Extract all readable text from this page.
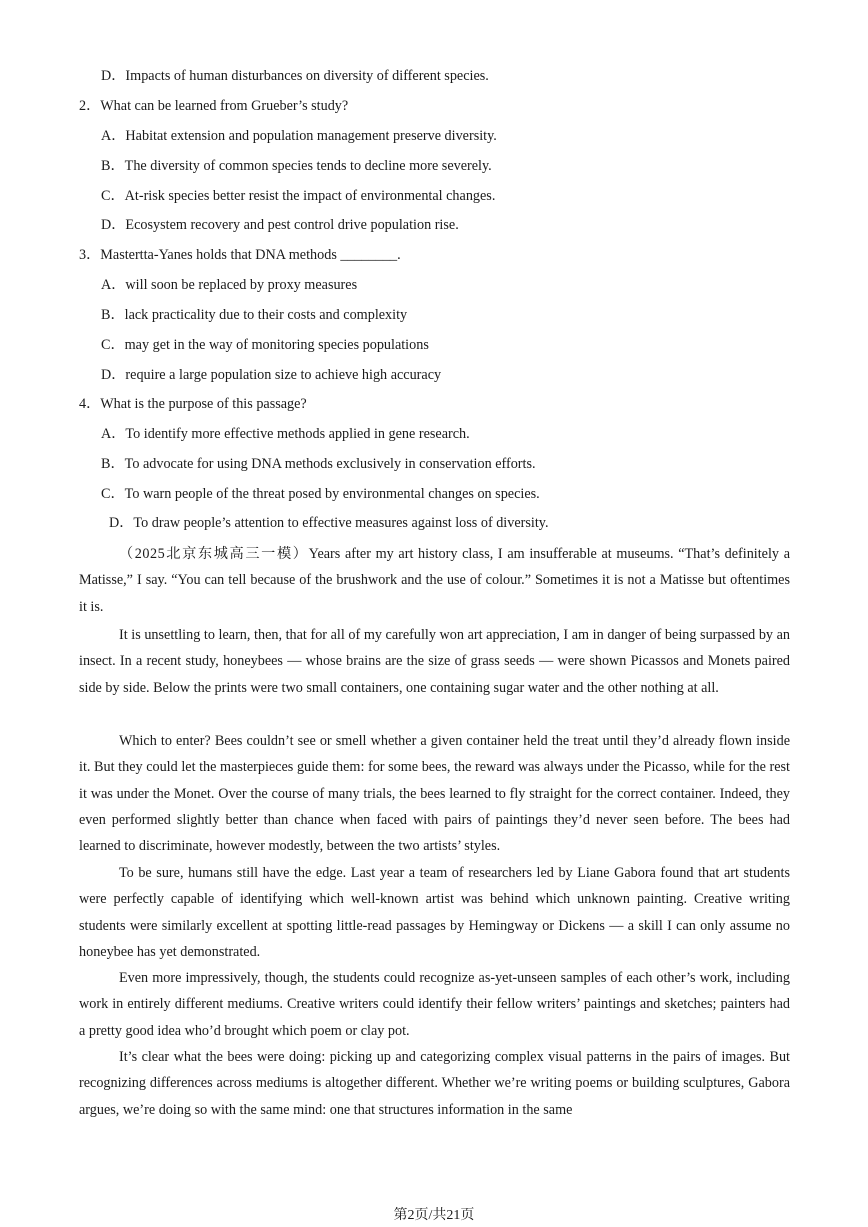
D．Impacts of human disturbances on diversity of different species.
2．What can be learned from Grueber’s study?
A．Habitat extension and population management preserve diversity.
B．The diversity of common species tends to decline more severely.
C．At-risk species better resist the impact of environmental changes.
D．Ecosystem recovery and pest control drive population rise.
3．Mastertta-Yanes holds that DNA methods ________.
A．will soon be replaced by proxy measures
B．lack practicality due to their costs and complexity
C．may get in the way of monitoring species populations
D．require a large population size to achieve high accuracy
4．What is the purpose of this passage?
A．To identify more effective methods applied in gene research.
B．To advocate for using DNA methods exclusively in conservation efforts.
C．To warn people of the threat posed by environmental changes on species.
D．To draw people’s attention to effective measures against loss of diversity.
（2025北京东城高三一模）Years after my art history class, I am insufferable at museums. “That’s definitely a Matisse,” I say. “You can tell because of the brushwork and the use of colour.” Sometimes it is not a Matisse but oftentimes it is.
It is unsettling to learn, then, that for all of my carefully won art appreciation, I am in danger of being surpassed by an insect. In a recent study, honeybees — whose brains are the size of grass seeds — were shown Picassos and Monets paired side by side. Below the prints were two small containers, one containing sugar water and the other nothing at all.
Which to enter? Bees couldn’t see or smell whether a given container held the treat until they’d already flown inside it. But they could let the masterpieces guide them: for some bees, the reward was always under the Picasso, while for the rest it was under the Monet. Over the course of many trials, the bees learned to fly straight for the correct container. Indeed, they even performed slightly better than chance when faced with pairs of paintings they’d never seen before. The bees had learned to discriminate, however modestly, between the two artists’ styles.
To be sure, humans still have the edge. Last year a team of researchers led by Liane Gabora found that art students were perfectly capable of identifying which well-known artist was behind which unknown painting. Creative writing students were similarly excellent at spotting little-read passages by Hemingway or Dickens — a skill I can only assume no honeybee has yet demonstrated.
Even more impressively, though, the students could recognize as-yet-unseen samples of each other’s work, including work in entirely different mediums. Creative writers could identify their fellow writers’ paintings and sketches; painters had a pretty good idea who’d brought which poem or clay pot.
It’s clear what the bees were doing: picking up and categorizing complex visual patterns in the pairs of images. But recognizing differences across mediums is altogether different. Whether we’re writing poems or building sculptures, Gabora argues, we’re doing so with the same mind: one that structures information in the same
第2页/共21页
